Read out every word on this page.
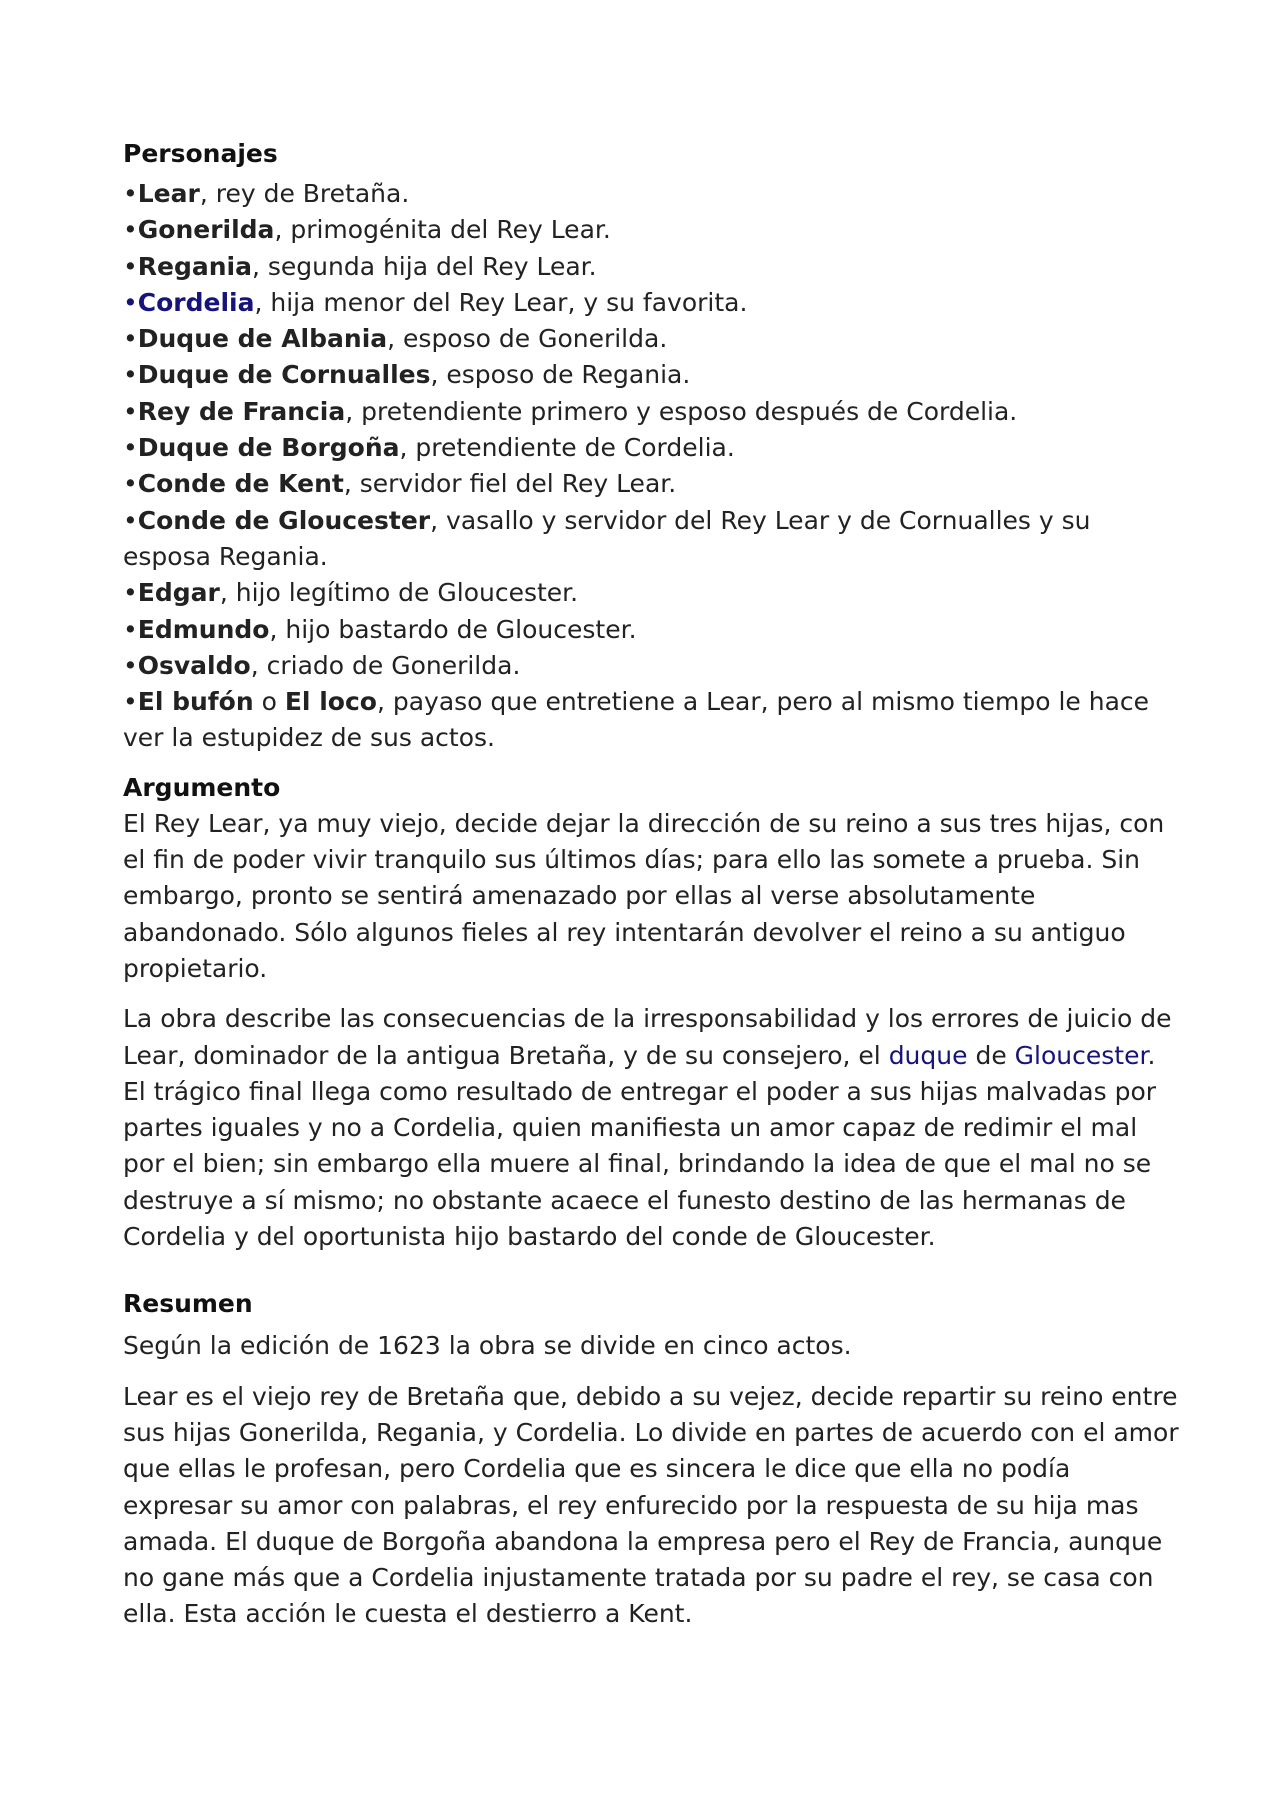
Personajes
•Lear, rey de Bretaña.
•Gonerilda, primogénita del Rey Lear.
•Regania, segunda hija del Rey Lear.
•Cordelia, hija menor del Rey Lear, y su favorita.
•Duque de Albania, esposo de Gonerilda.
•Duque de Cornualles, esposo de Regania.
•Rey de Francia, pretendiente primero y esposo después de Cordelia.
•Duque de Borgoña, pretendiente de Cordelia.
•Conde de Kent, servidor fiel del Rey Lear.
•Conde de Gloucester, vasallo y servidor del Rey Lear y de Cornualles y su esposa Regania.
•Edgar, hijo legítimo de Gloucester.
•Edmundo, hijo bastardo de Gloucester.
•Osvaldo, criado de Gonerilda.
•El bufón o El loco, payaso que entretiene a Lear, pero al mismo tiempo le hace ver la estupidez de sus actos.
Argumento

El Rey Lear, ya muy viejo, decide dejar la dirección de su reino a sus tres hijas, con el fin de poder vivir tranquilo sus últimos días; para ello las somete a prueba. Sin embargo, pronto se sentirá amenazado por ellas al verse absolutamente abandonado. Sólo algunos fieles al rey intentarán devolver el reino a su antiguo propietario.

La obra describe las consecuencias de la irresponsabilidad y los errores de juicio de Lear, dominador de la antigua Bretaña, y de su consejero, el duque de Gloucester. El trágico final llega como resultado de entregar el poder a sus hijas malvadas por partes iguales y no a Cordelia, quien manifiesta un amor capaz de redimir el mal por el bien; sin embargo ella muere al final, brindando la idea de que el mal no se destruye a sí mismo; no obstante acaece el funesto destino de las hermanas de Cordelia y del oportunista hijo bastardo del conde de Gloucester.

Resumen

Según la edición de 1623 la obra se divide en cinco actos.

Lear es el viejo rey de Bretaña que, debido a su vejez, decide repartir su reino entre sus hijas Gonerilda, Regania, y Cordelia. Lo divide en partes de acuerdo con el amor que ellas le profesan, pero Cordelia que es sincera le dice que ella no podía expresar su amor con palabras, el rey enfurecido por la respuesta de su hija mas amada. El duque de Borgoña abandona la empresa pero el Rey de Francia, aunque no gane más que a Cordelia injustamente tratada por su padre el rey, se casa con ella. Esta acción le cuesta el destierro a Kent.
